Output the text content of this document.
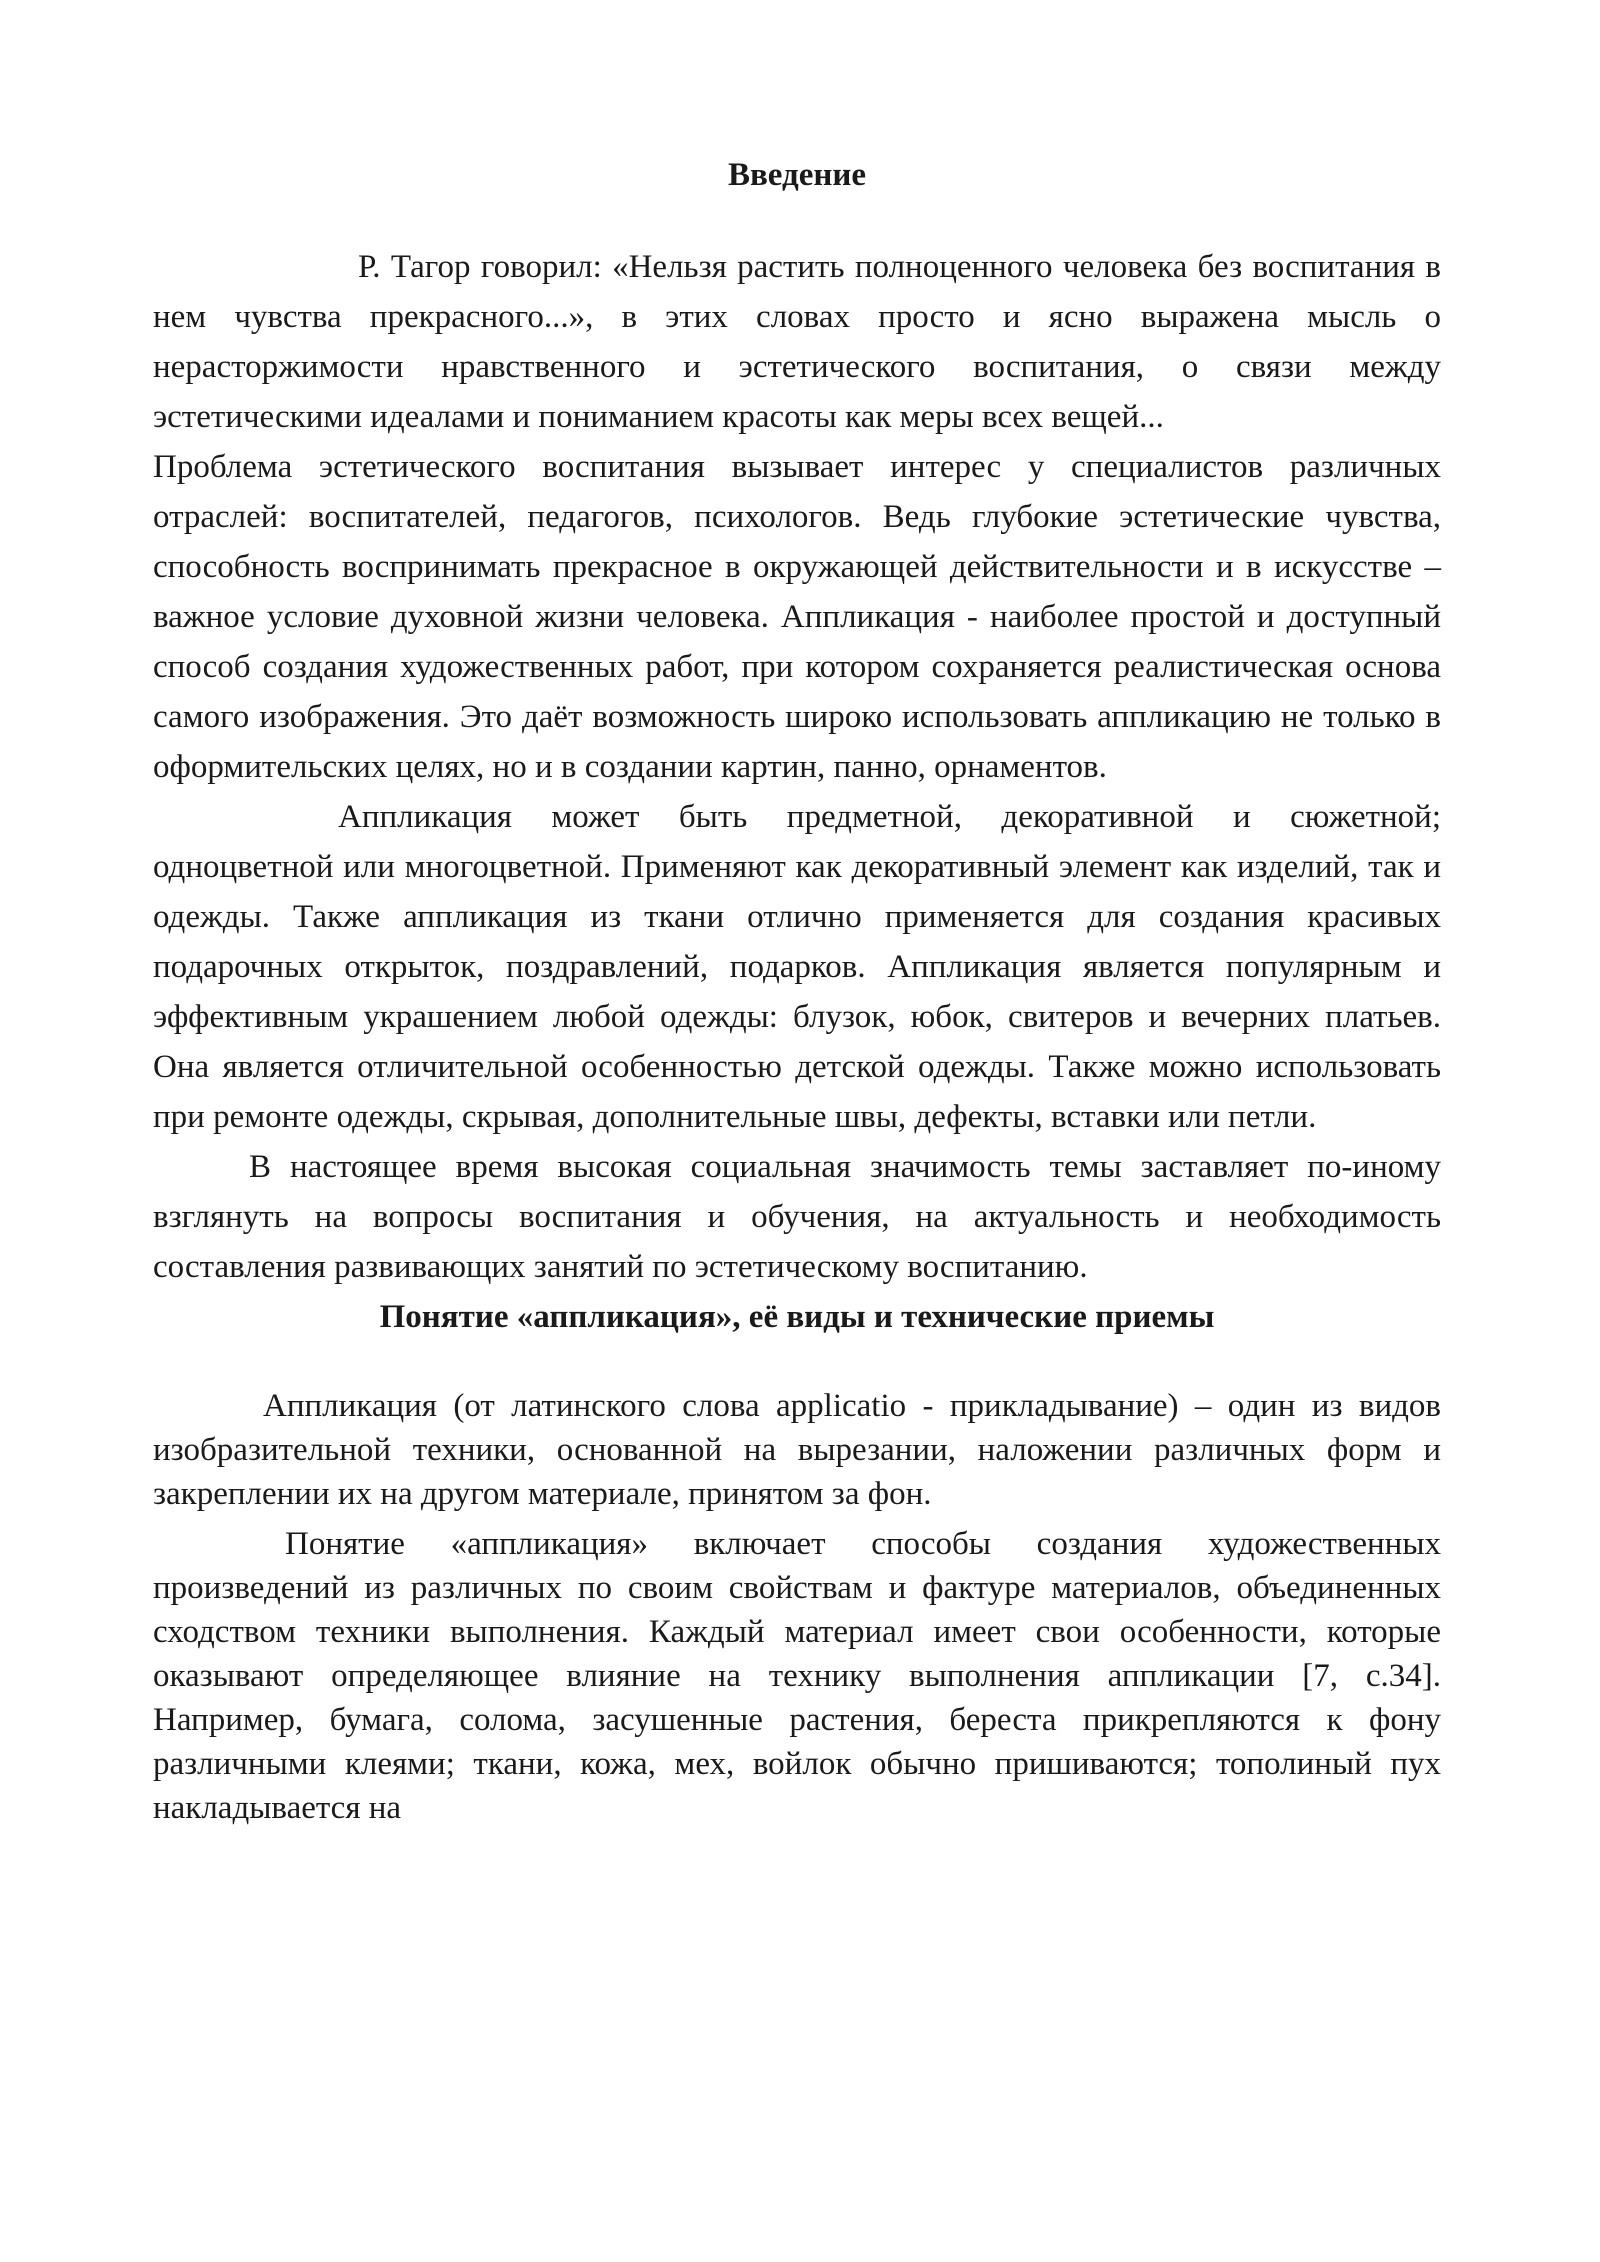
Введение

Р. Тагор говорил: «Нельзя растить полноценного человека без воспитания в нем чувства прекрасного...», в этих словах просто и ясно выражена мысль о нерасторжимости нравственного и эстетического воспитания, о связи между эстетическими идеалами и пониманием красоты как меры всех вещей...

Проблема эстетического воспитания вызывает интерес у специалистов различных отраслей: воспитателей, педагогов, психологов. Ведь глубокие эстетические чувства, способность воспринимать прекрасное в окружающей действительности и в искусстве – важное условие духовной жизни человека. Аппликация - наиболее простой и доступный способ создания художественных работ, при котором сохраняется реалистическая основа самого изображения. Это даёт возможность широко использовать аппликацию не только в оформительских целях, но и в создании картин, панно, орнаментов.

Аппликация может быть предметной, декоративной и сюжетной; одноцветной или многоцветной. Применяют как декоративный элемент как изделий, так и одежды. Также аппликация из ткани отлично применяется для создания красивых подарочных открыток, поздравлений, подарков. Аппликация является популярным и эффективным украшением любой одежды: блузок, юбок, свитеров и вечерних платьев. Она является отличительной особенностью детской одежды. Также можно использовать при ремонте одежды, скрывая, дополнительные швы, дефекты, вставки или петли.

В настоящее время высокая социальная значимость темы заставляет по-иному взглянуть на вопросы воспитания и обучения, на актуальность и необходимость составления развивающих занятий по эстетическому воспитанию.

Понятие «аппликация», её виды и технические приемы

Аппликация (от латинского слова applicatio - прикладывание) – один из видов изобразительной техники, основанной на вырезании, наложении различных форм и закреплении их на другом материале, принятом за фон.

Понятие «аппликация» включает способы создания художественных произведений из различных по своим свойствам и фактуре материалов, объединенных сходством техники выполнения. Каждый материал имеет свои особенности, которые оказывают определяющее влияние на технику выполнения аппликации [7, с.34]. Например, бумага, солома, засушенные растения, береста прикрепляются к фону различными клеями; ткани, кожа, мех, войлок обычно пришиваются; тополиный пух накладывается на
